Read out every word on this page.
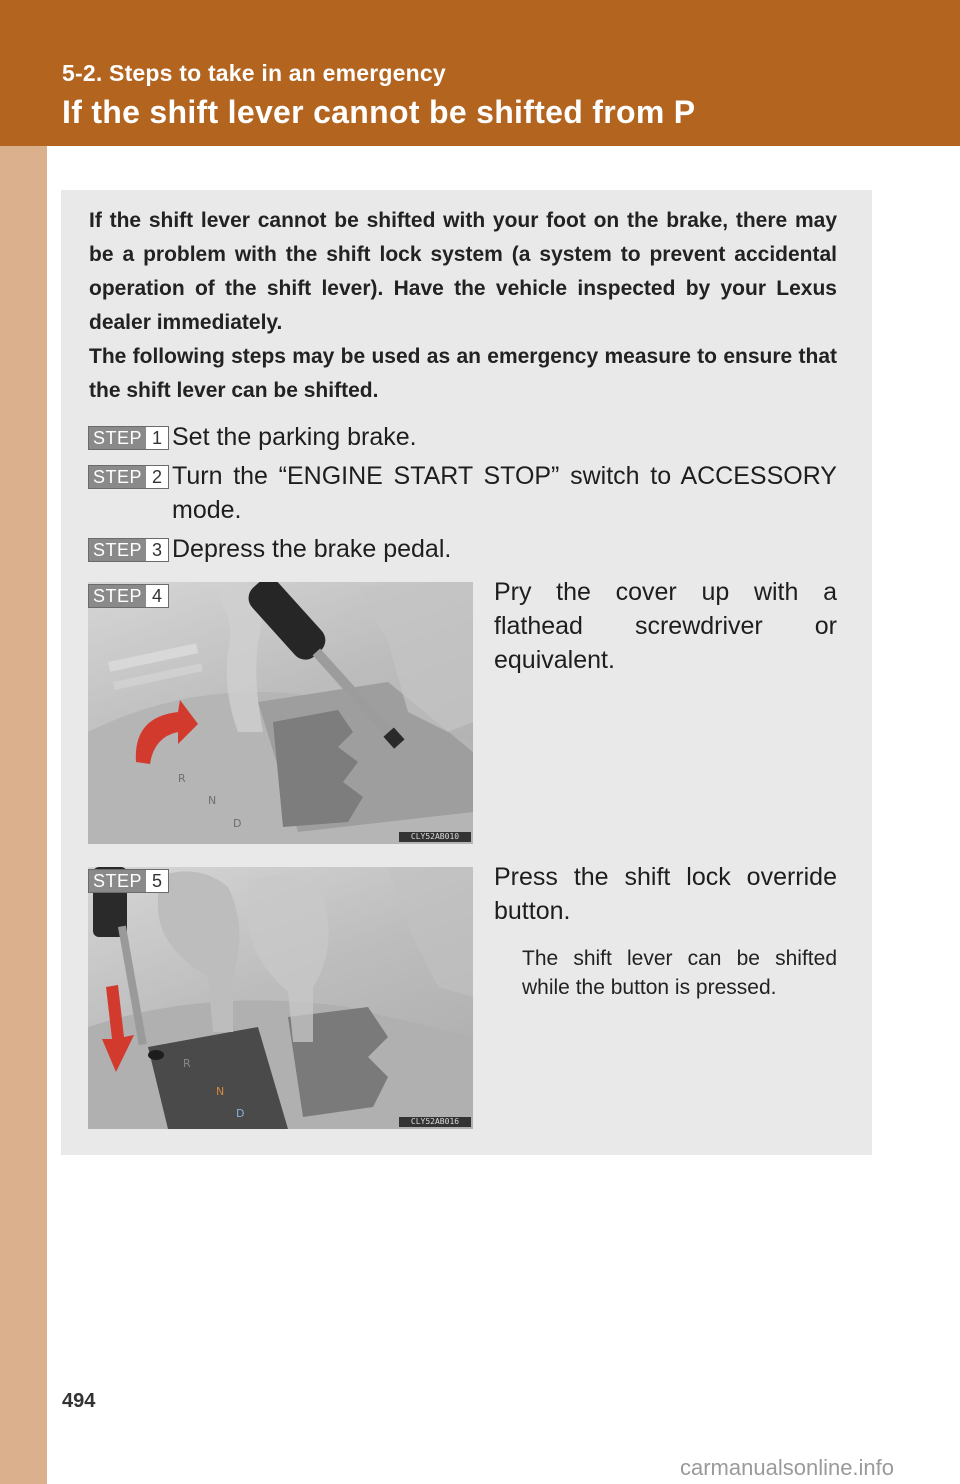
5-2. Steps to take in an emergency
If the shift lever cannot be shifted from P

If the shift lever cannot be shifted with your foot on the brake, there may be a problem with the shift lock system (a system to prevent accidental operation of the shift lever). Have the vehicle inspected by your Lexus dealer immediately.

The following steps may be used as an emergency measure to ensure that the shift lever can be shifted.

STEP 1 Set the parking brake.
STEP 2 Turn the “ENGINE START STOP” switch to ACCESSORY mode.
STEP 3 Depress the brake pedal.
R
N
D
CLY52AB010
STEP 4	Pry the cover up with a flathead screwdriver or equivalent.
R
N
D
CLY52AB016
STEP 5	Press the shift lock override button.
The shift lever can be shifted while the button is pressed.
494
carmanualsonline.info
